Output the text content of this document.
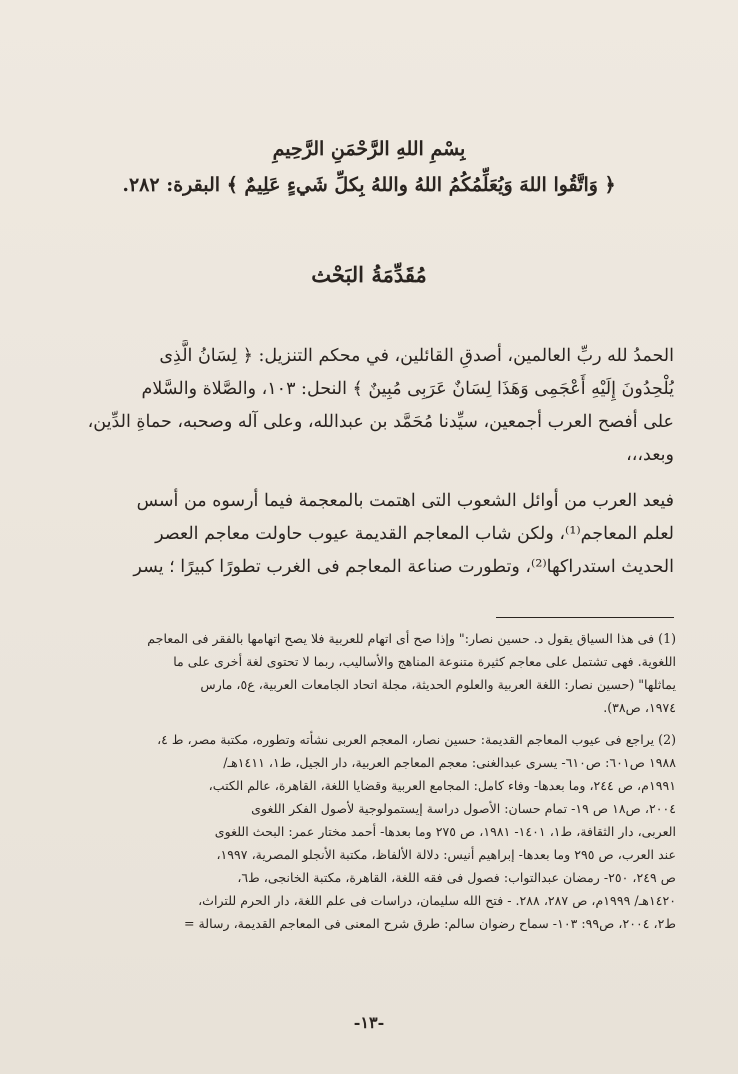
بِسْمِ اللهِ الرَّحْمَنِ الرَّحِيمِ
﴿ وَاتَّقُوا اللهَ وَيُعَلِّمُكُمُ اللهُ واللهُ بِكلِّ شَيءٍ عَلِيمٌ ﴾ البقرة: ٢٨٢.
مُقَدِّمَةُ البَحْث
الحمدُ لله ربِّ العالمين، أصدقِ القائلين، في محكم التنزيل: ﴿ لِسَانُ الَّذِى
يُلْحِدُونَ إِلَيْهِ أَعْجَمِى وَهَذَا لِسَانٌ عَرَبِى مُبِينٌ ﴾ النحل: ١٠٣، والصَّلاة والسَّلام
على أفصح العرب أجمعين، سيِّدنا مُحَمَّد بن عبدالله، وعلى آله وصحبه، حماةِ الدِّين،
وبعد،،،
فيعد العرب من أوائل الشعوب التى اهتمت بالمعجمة فيما أرسوه من أسس
لعلم المعاجم⁽¹⁾، ولكن شاب المعاجم القديمة عيوب حاولت معاجم العصر
الحديث استدراكها⁽²⁾، وتطورت صناعة المعاجم فى الغرب تطورًا كبيرًا ؛ يسر
(1) فى هذا السياق يقول د. حسين نصار:" وإذا صح أى اتهام للعربية فلا يصح اتهامها بالفقر فى المعاجم
اللغوية. فهى تشتمل على معاجم كثيرة متنوعة المناهج والأساليب، ربما لا تحتوى لغة أخرى على ما
يماثلها" (حسين نصار: اللغة العربية والعلوم الحديثة، مجلة اتحاد الجامعات العربية، ع٥، مارس
١٩٧٤، ص٣٨).
(2) يراجع فى عيوب المعاجم القديمة: حسين نصار، المعجم العربى نشأته وتطوره، مكتبة مصر، ط ٤،
١٩٨٨ ص٦٠١: ص٦١٠- يسرى عبدالغنى: معجم المعاجم العربية، دار الجيل، ط١، ١٤١١هـ/
١٩٩١م، ص ٢٤٤، وما بعدها- وفاء كامل: المجامع العربية وقضايا اللغة، القاهرة، عالم الكتب،
٢٠٠٤، ص١٨ ص ١٩- تمام حسان: الأصول دراسة إيستمولوجية لأصول الفكر اللغوى
العربى، دار الثقافة، ط١، ١٤٠١- ١٩٨١، ص ٢٧٥ وما بعدها- أحمد مختار عمر: البحث اللغوى
عند العرب، ص ٢٩٥ وما بعدها- إبراهيم أنيس: دلالة الألفاظ، مكتبة الأنجلو المصرية، ١٩٩٧،
ص ٢٤٩، ٢٥٠- رمضان عبدالتواب: فصول فى فقه اللغة، القاهرة، مكتبة الخانجى، ط٦،
١٤٢٠هـ/ ١٩٩٩م، ص ٢٨٧، ٢٨٨. - فتح الله سليمان، دراسات فى علم اللغة، دار الحرم للتراث،
ط٢، ٢٠٠٤، ص٩٩: ١٠٣- سماح رضوان سالم: طرق شرح المعنى فى المعاجم القديمة، رسالة =
-١٣-
